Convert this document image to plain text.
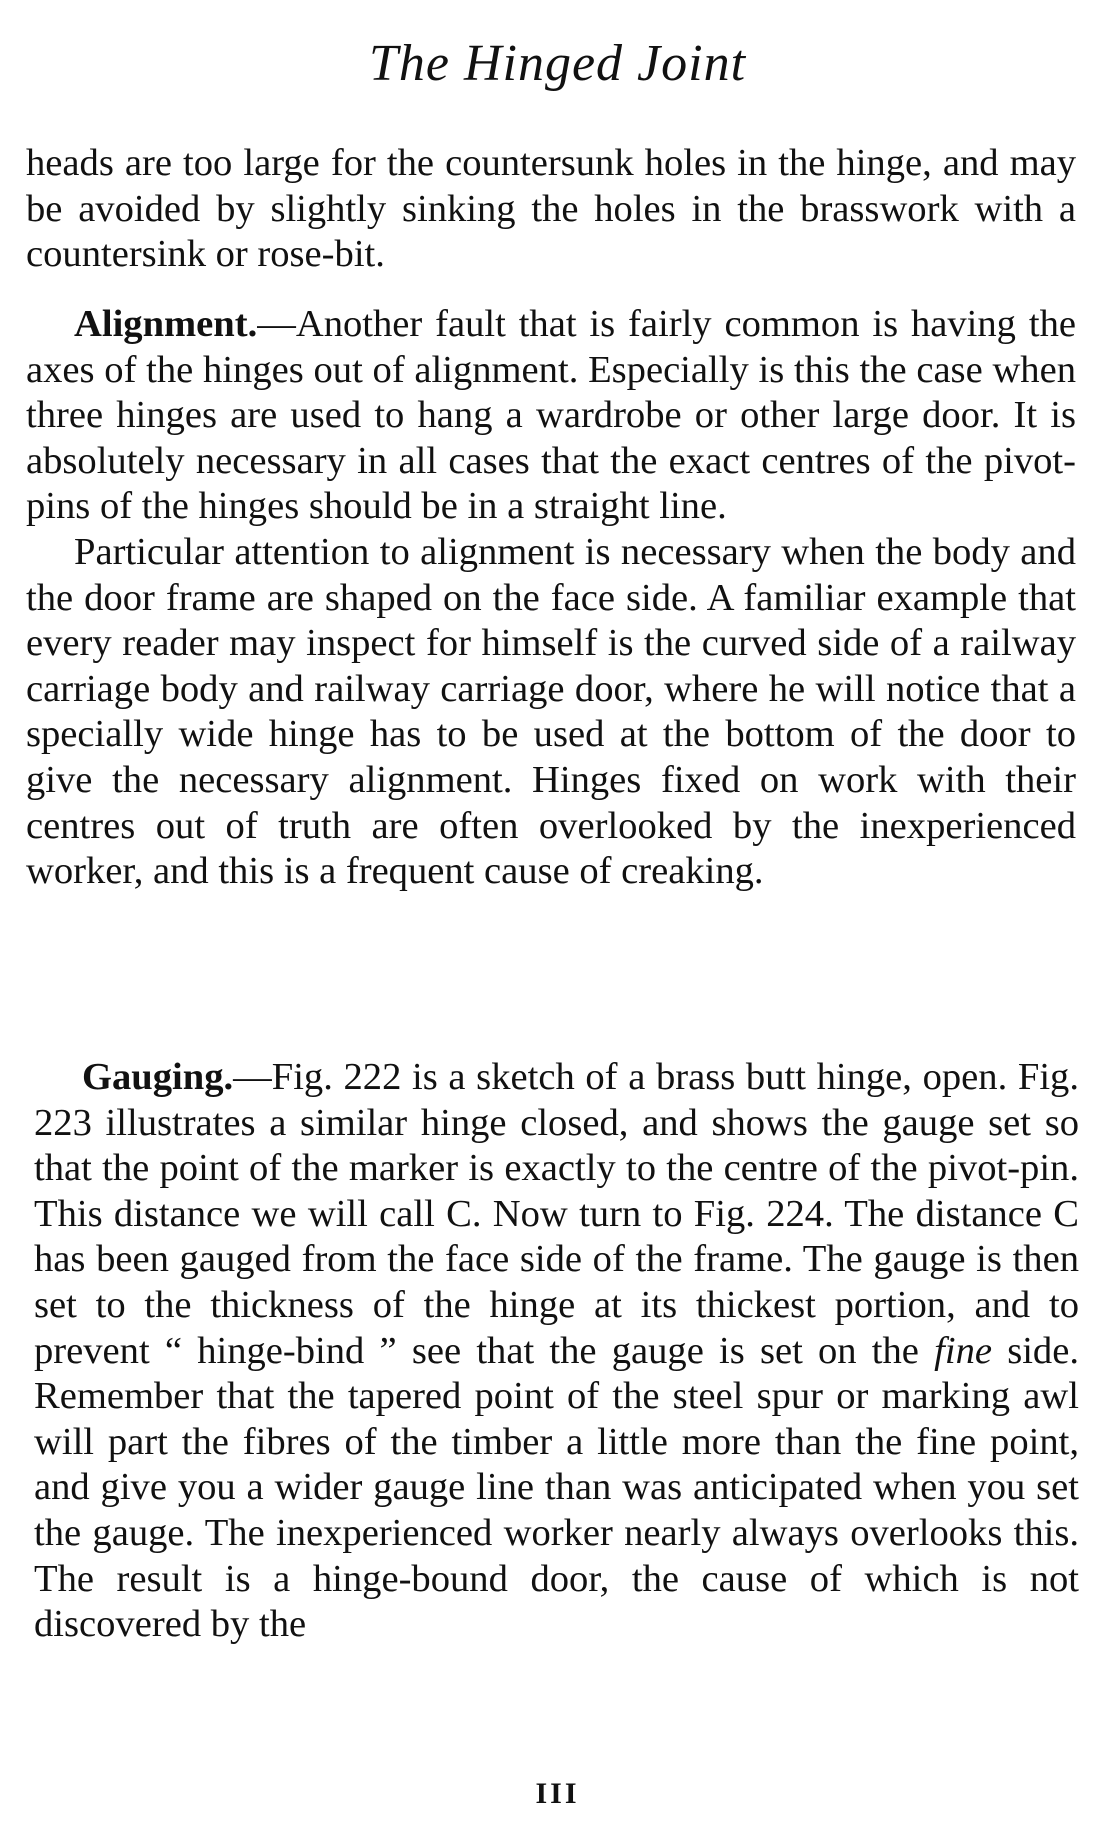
The Hinged Joint

heads are too large for the countersunk holes in the hinge, and may be avoided by slightly sinking the holes in the brasswork with a countersink or rose-bit.

Alignment.—Another fault that is fairly common is having the axes of the hinges out of alignment. Especially is this the case when three hinges are used to hang a wardrobe or other large door. It is absolutely necessary in all cases that the exact centres of the pivot-pins of the hinges should be in a straight line.

Particular attention to alignment is necessary when the body and the door frame are shaped on the face side. A familiar example that every reader may inspect for himself is the curved side of a railway carriage body and railway carriage door, where he will notice that a specially wide hinge has to be used at the bottom of the door to give the necessary alignment. Hinges fixed on work with their centres out of truth are often overlooked by the inexperienced worker, and this is a frequent cause of creaking.

Gauging.—Fig. 222 is a sketch of a brass butt hinge, open. Fig. 223 illustrates a similar hinge closed, and shows the gauge set so that the point of the marker is exactly to the centre of the pivot-pin. This distance we will call C. Now turn to Fig. 224. The distance C has been gauged from the face side of the frame. The gauge is then set to the thickness of the hinge at its thickest portion, and to prevent “ hinge-bind ” see that the gauge is set on the fine side. Remember that the tapered point of the steel spur or marking awl will part the fibres of the timber a little more than the fine point, and give you a wider gauge line than was anticipated when you set the gauge. The inexperienced worker nearly always overlooks this. The result is a hinge-bound door, the cause of which is not discovered by the

III
